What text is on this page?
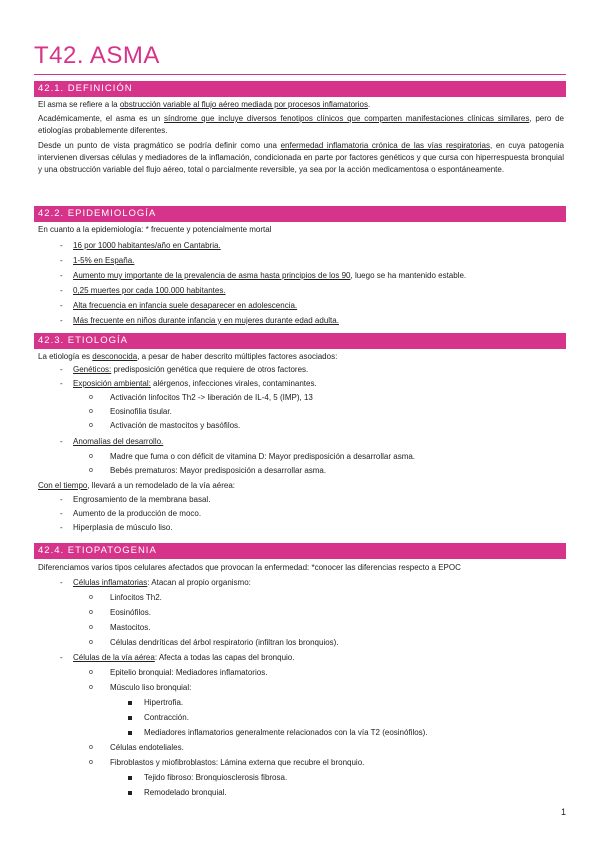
T42. ASMA
42.1. DEFINICIÓN
El asma se refiere a la obstrucción variable al flujo aéreo mediada por procesos inflamatorios.
Académicamente, el asma es un síndrome que incluye diversos fenotipos clínicos que comparten manifestaciones clínicas similares, pero de etiologías probablemente diferentes.
Desde un punto de vista pragmático se podría definir como una enfermedad inflamatoria crónica de las vías respiratorias, en cuya patogenia intervienen diversas células y mediadores de la inflamación, condicionada en parte por factores genéticos y que cursa con hiperrespuesta bronquial y una obstrucción variable del flujo aéreo, total o parcialmente reversible, ya sea por la acción medicamentosa o espontáneamente.
42.2. EPIDEMIOLOGÍA
En cuanto a la epidemiología: * frecuente y potencialmente mortal
- 16 por 1000 habitantes/año en Cantabria.
- 1-5% en España.
- Aumento muy importante de la prevalencia de asma hasta principios de los 90, luego se ha mantenido estable.
- 0,25 muertes por cada 100.000 habitantes.
- Alta frecuencia en infancia suele desaparecer en adolescencia.
- Más frecuente en niños durante infancia y en mujeres durante edad adulta.
42.3. ETIOLOGÍA
La etiología es desconocida, a pesar de haber descrito múltiples factores asociados:
- Genéticos: predisposición genética que requiere de otros factores.
- Exposición ambiental: alérgenos, infecciones virales, contaminantes.
o Activación linfocitos Th2 -> liberación de IL-4, 5 (IMP), 13
o Eosinofilia tisular.
o Activación de mastocitos y basófilos.
- Anomalías del desarrollo.
o Madre que fuma o con déficit de vitamina D: Mayor predisposición a desarrollar asma.
o Bebés prematuros: Mayor predisposición a desarrollar asma.
Con el tiempo, llevará a un remodelado de la vía aérea:
- Engrosamiento de la membrana basal.
- Aumento de la producción de moco.
- Hiperplasia de músculo liso.
42.4. ETIOPATOGENIA
Diferenciamos varios tipos celulares afectados que provocan la enfermedad: *conocer las diferencias respecto a EPOC
- Células inflamatorias: Atacan al propio organismo:
o Linfocitos Th2.
o Eosinófilos.
o Mastocitos.
o Células dendríticas del árbol respiratorio (infiltran los bronquios).
- Células de la vía aérea: Afecta a todas las capas del bronquio.
o Epitelio bronquial: Mediadores inflamatorios.
o Músculo liso bronquial:
Hipertrofia.
Contracción.
Mediadores inflamatorios generalmente relacionados con la vía T2 (eosinófilos).
o Células endoteliales.
o Fibroblastos y miofibroblastos: Lámina externa que recubre el bronquio.
Tejido fibroso: Bronquiosclerosis fibrosa.
Remodelado bronquial.
1
